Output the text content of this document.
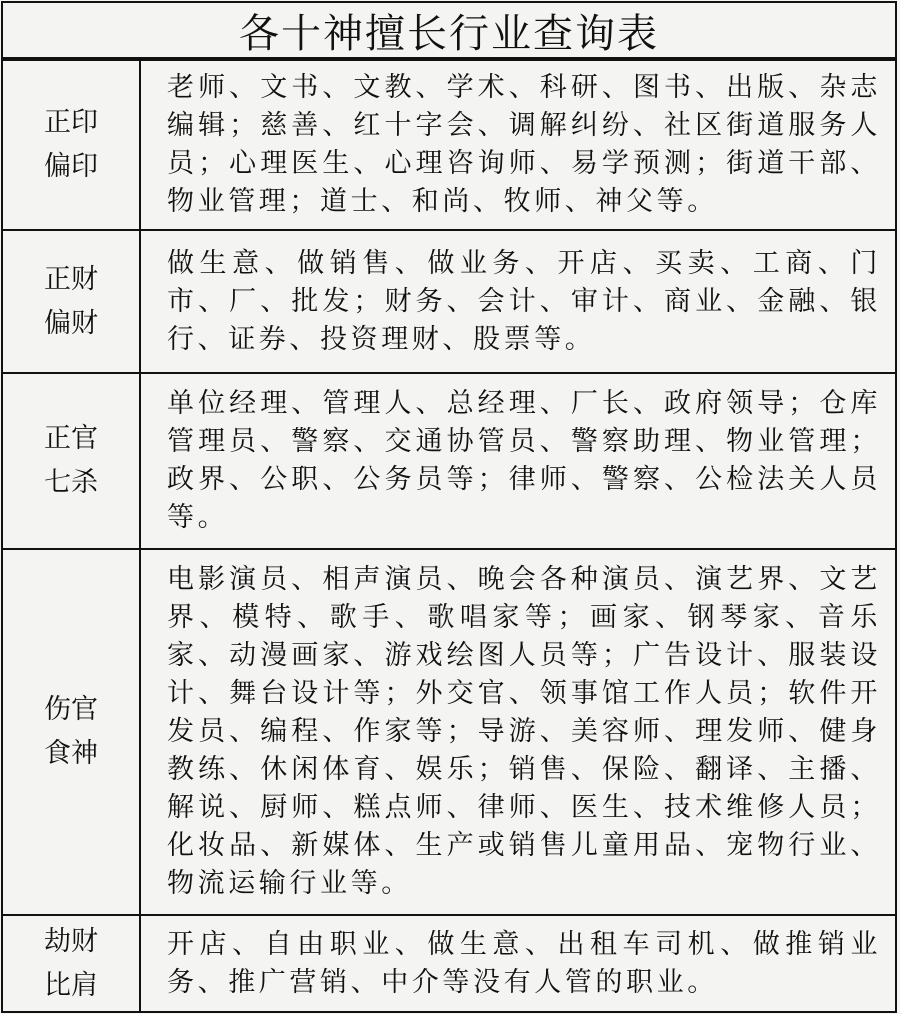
各十神擅长行业查询表
正印
偏印	老师、文书、文教、学术、科研、图书、出版、杂志编辑；慈善、红十字会、调解纠纷、社区街道服务人员；心理医生、心理咨询师、易学预测；街道干部、物业管理；道士、和尚、牧师、神父等。

正财
偏财	做生意、做销售、做业务、开店、买卖、工商、门市、厂、批发；财务、会计、审计、商业、金融、银行、证券、投资理财、股票等。

正官
七杀	单位经理、管理人、总经理、厂长、政府领导；仓库管理员、警察、交通协管员、警察助理、物业管理；政界、公职、公务员等；律师、警察、公检法关人员等。

伤官
食神	电影演员、相声演员、晚会各种演员、演艺界、文艺界、模特、歌手、歌唱家等；画家、钢琴家、音乐家、动漫画家、游戏绘图人员等；广告设计、服装设计、舞台设计等；外交官、领事馆工作人员；软件开发员、编程、作家等；导游、美容师、理发师、健身教练、休闲体育、娱乐；销售、保险、翻译、主播、解说、厨师、糕点师、律师、医生、技术维修人员；化妆品、新媒体、生产或销售儿童用品、宠物行业、物流运输行业等。

劫财
比肩	开店、自由职业、做生意、出租车司机、做推销业务、推广营销、中介等没有人管的职业。
